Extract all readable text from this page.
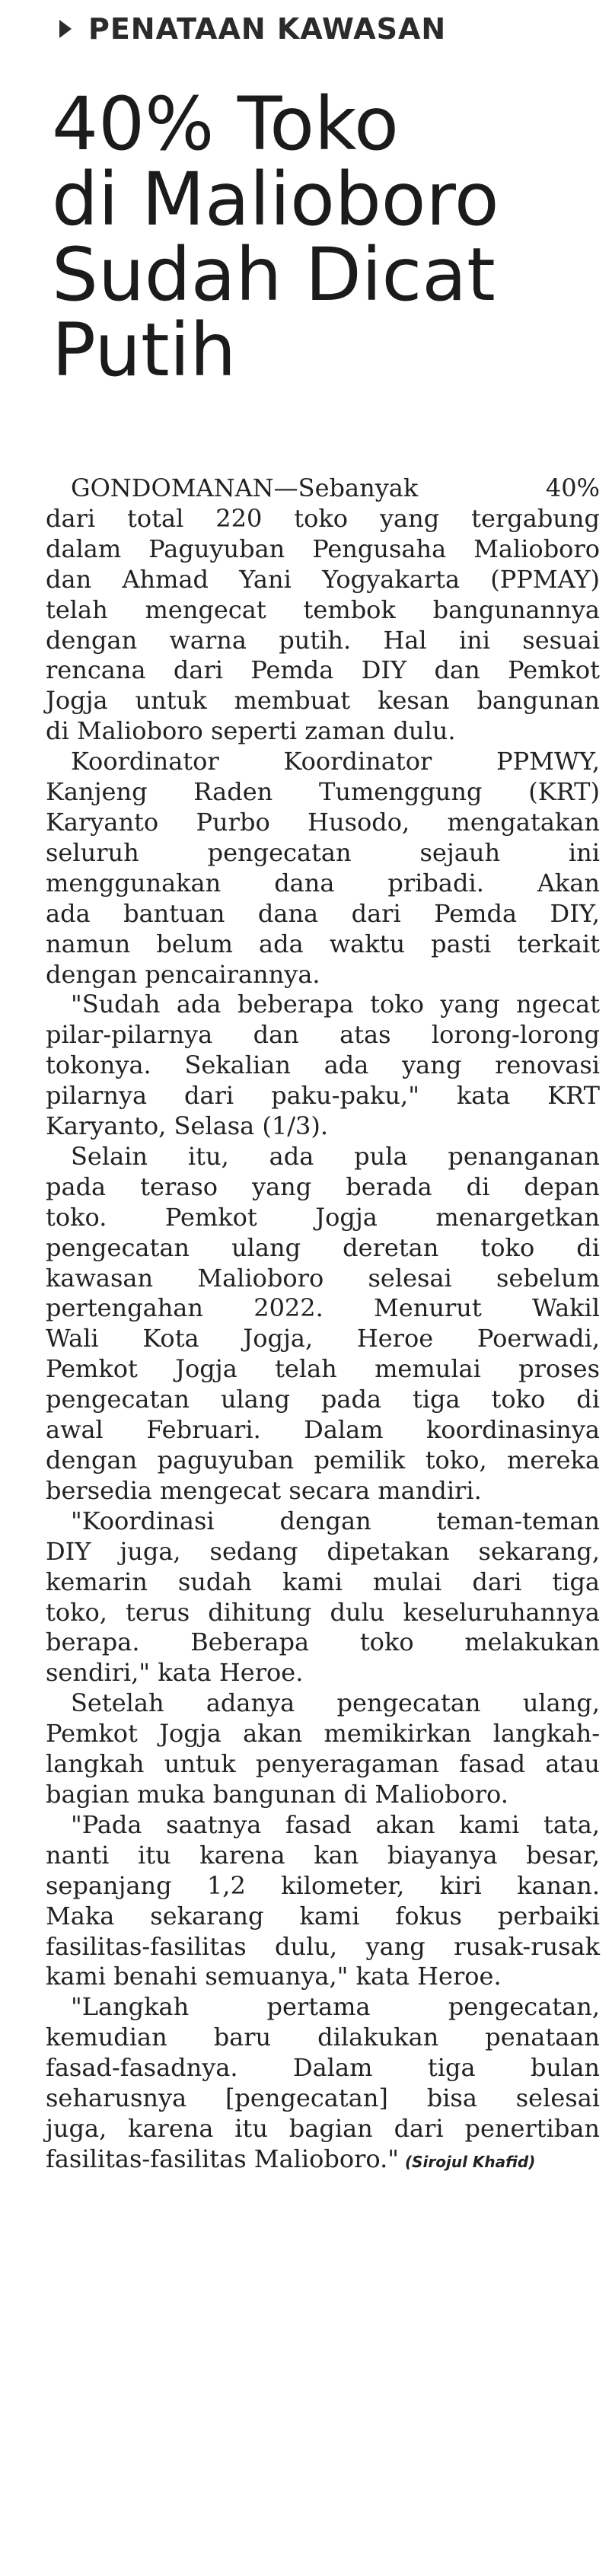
PENATAAN KAWASAN
40% Toko
di Malioboro
Sudah Dicat
Putih
GONDOMANAN—Sebanyak 40%
dari total 220 toko yang tergabung
dalam Paguyuban Pengusaha Malioboro
dan Ahmad Yani Yogyakarta (PPMAY)
telah mengecat tembok bangunannya
dengan warna putih. Hal ini sesuai
rencana dari Pemda DIY dan Pemkot
Jogja untuk membuat kesan bangunan
di Malioboro seperti zaman dulu.
Koordinator Koordinator PPMWY,
Kanjeng Raden Tumenggung (KRT)
Karyanto Purbo Husodo, mengatakan
seluruh pengecatan sejauh ini
menggunakan dana pribadi. Akan
ada bantuan dana dari Pemda DIY,
namun belum ada waktu pasti terkait
dengan pencairannya.
"Sudah ada beberapa toko yang ngecat
pilar-pilarnya dan atas lorong-lorong
tokonya. Sekalian ada yang renovasi
pilarnya dari paku-paku," kata KRT
Karyanto, Selasa (1/3).
Selain itu, ada pula penanganan
pada teraso yang berada di depan
toko. Pemkot Jogja menargetkan
pengecatan ulang deretan toko di
kawasan Malioboro selesai sebelum
pertengahan 2022. Menurut Wakil
Wali Kota Jogja, Heroe Poerwadi,
Pemkot Jogja telah memulai proses
pengecatan ulang pada tiga toko di
awal Februari. Dalam koordinasinya
dengan paguyuban pemilik toko, mereka
bersedia mengecat secara mandiri.
"Koordinasi dengan teman-teman
DIY juga, sedang dipetakan sekarang,
kemarin sudah kami mulai dari tiga
toko, terus dihitung dulu keseluruhannya
berapa. Beberapa toko melakukan
sendiri," kata Heroe.
Setelah adanya pengecatan ulang,
Pemkot Jogja akan memikirkan langkah-
langkah untuk penyeragaman fasad atau
bagian muka bangunan di Malioboro.
"Pada saatnya fasad akan kami tata,
nanti itu karena kan biayanya besar,
sepanjang 1,2 kilometer, kiri kanan.
Maka sekarang kami fokus perbaiki
fasilitas-fasilitas dulu, yang rusak-rusak
kami benahi semuanya," kata Heroe.
"Langkah pertama pengecatan,
kemudian baru dilakukan penataan
fasad-fasadnya. Dalam tiga bulan
seharusnya [pengecatan] bisa selesai
juga, karena itu bagian dari penertiban
fasilitas-fasilitas Malioboro." (Sirojul Khafid)
